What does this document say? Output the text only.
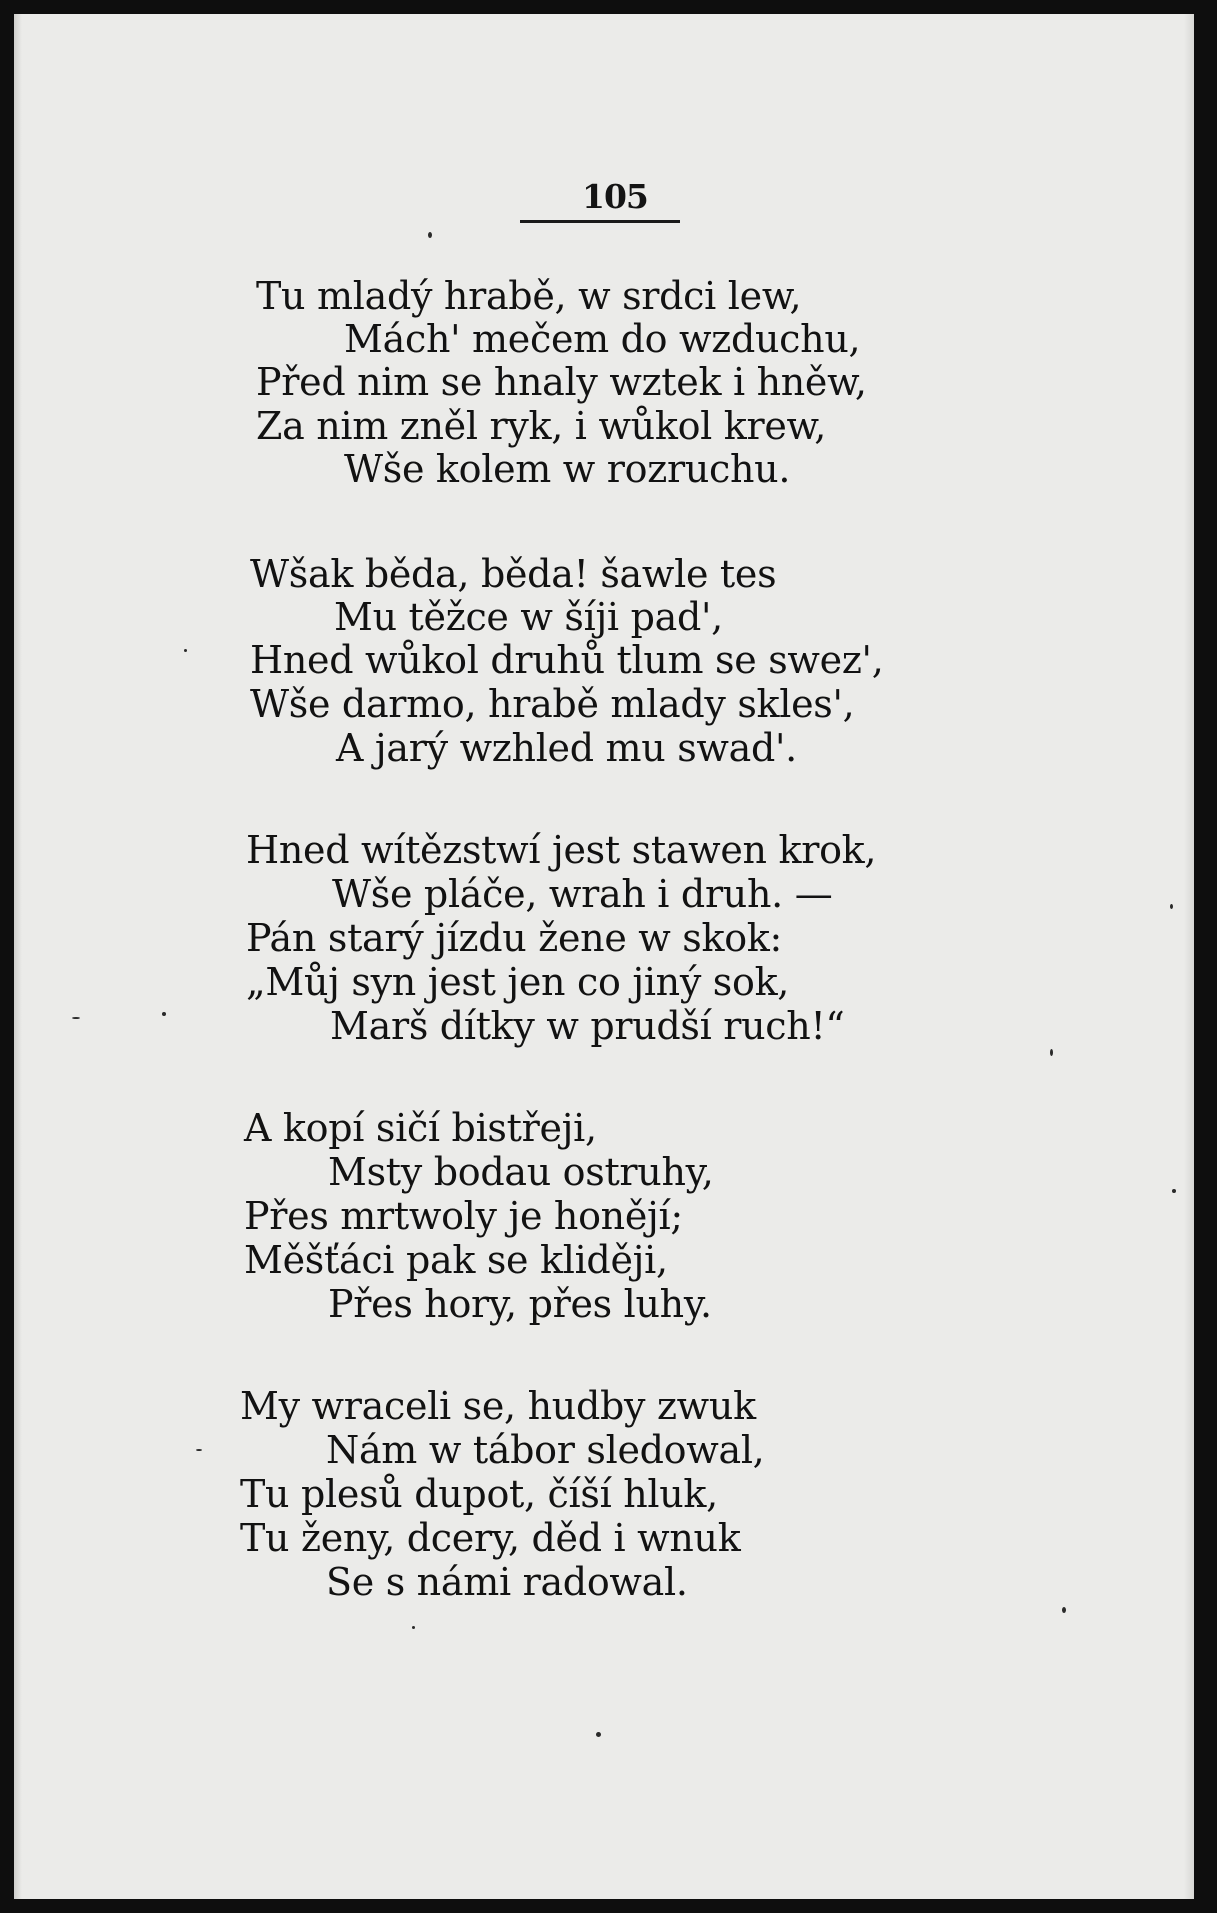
105
Tu mladý hrabě, w srdci lew,
Mách' mečem do wzduchu,
Před nim se hnaly wztek i hněw,
Za nim zněl ryk, i wůkol krew,
Wše kolem w rozruchu.
Wšak běda, běda! šawle tes
Mu těžce w šíji pad',
Hned wůkol druhů tlum se swez',
Wše darmo, hrabě mlady skles',
A jarý wzhled mu swad'.
Hned wítězstwí jest stawen krok,
Wše pláče, wrah i druh. —
Pán starý jízdu žene w skok:
„Můj syn jest jen co jiný sok,
Marš dítky w prudší ruch!“
A kopí sičí bistřeji,
Msty bodau ostruhy,
Přes mrtwoly je honějí;
Měšťáci pak se kliději,
Přes hory, přes luhy.
My wraceli se, hudby zwuk
Nám w tábor sledowal,
Tu plesů dupot, číší hluk,
Tu ženy, dcery, děd i wnuk
Se s námi radowal.
